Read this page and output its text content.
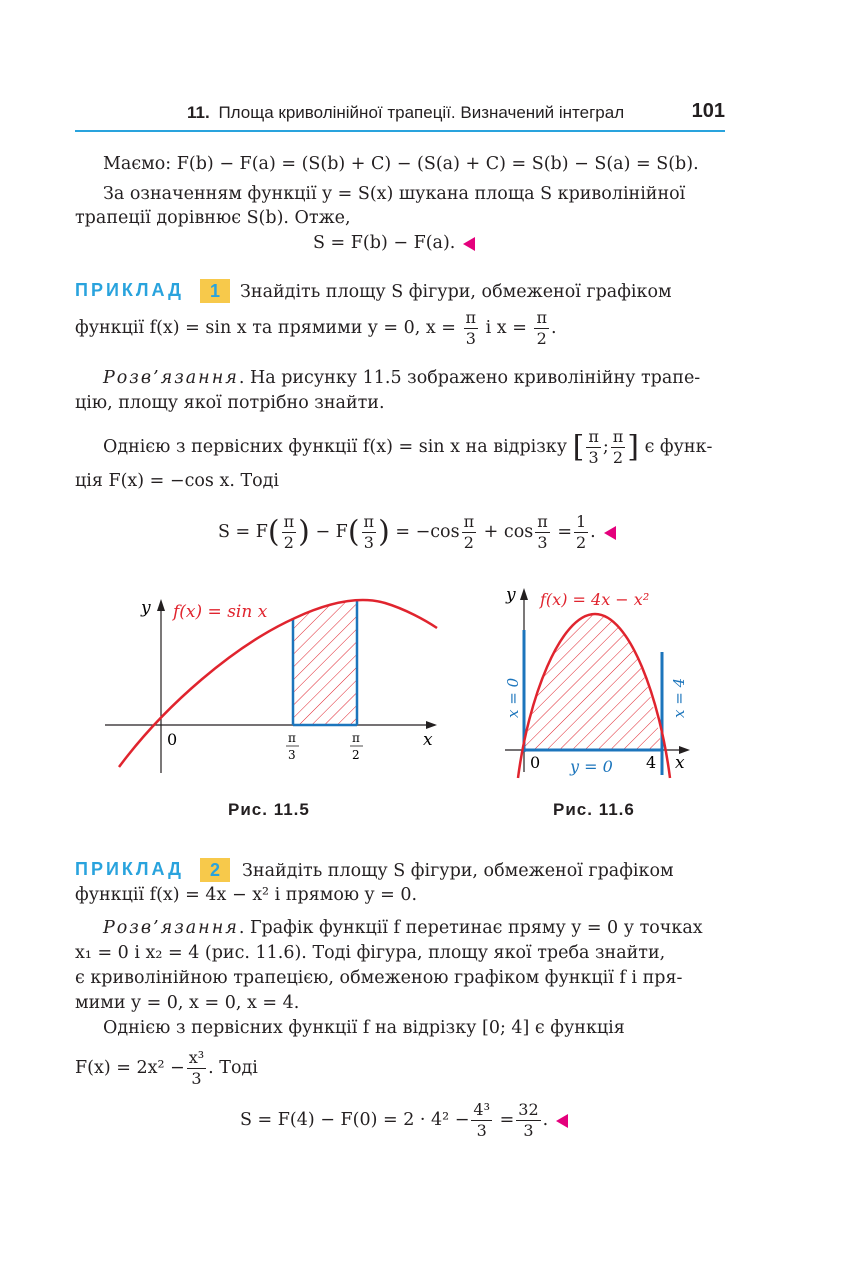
11. Площа криволінійної трапеції. Визначений інтеграл	101
Маємо: F(b) − F(a) = (S(b) + C) − (S(a) + C) = S(b) − S(a) = S(b).
За означенням функції y = S(x) шукана площа S криволінійної
трапеції дорівнює S(b). Отже,
S = F(b) − F(a).
ПРИКЛАД	1	Знайдіть площу S фігури, обмеженої графіком
функції f(x) = sin x та прямими y = 0, $x = \frac{\pi}{3}$ і $x = \frac{\pi}{2}$ .
Розв’язання. На рисунку 11.5 зображено криволінійну трапе-
цію, площу якої потрібно знайти.
Однією з первісних функції f(x) = sin x на відрізку [ $\frac{\pi}{3}$ ; $\frac{\pi}{2}$ ] є функ-
ція F(x) = −cos x. Тоді
$S = F( \frac{\pi}{2}$ ) − $F( \frac{\pi}{3}$ ) = $-\cos \frac{\pi}{2} + \cos \frac{\pi}{3} = \frac{1}{2}$ .
y
x
0
f(x) = sin x
π
3
π
2
Рис. 11.5
y
x
0	4
f(x) = 4x − x²
y = 0
x = 0	x = 4
Рис. 11.6
ПРИКЛАД	2	Знайдіть площу S фігури, обмеженої графіком
функції f(x) = 4x − x² і прямою y = 0.
Розв’язання. Графік функції f перетинає пряму y = 0 у точках
x₁ = 0 і x₂ = 4 (рис. 11.6). Тоді фігура, площу якої треба знайти,
є криволінійною трапецією, обмеженою графіком функції f і пря-
мими y = 0, x = 0, x = 4.
Однією з первісних функції f на відрізку [0; 4] є функція
$F(x) = 2x^2 - \frac{\text{x³}}{3}$ . Тоді
$S = F(4) - F(0) = 2 \cdot 4^2 - \frac{\text{4³}}{3} = \frac{32}{3}$ .
